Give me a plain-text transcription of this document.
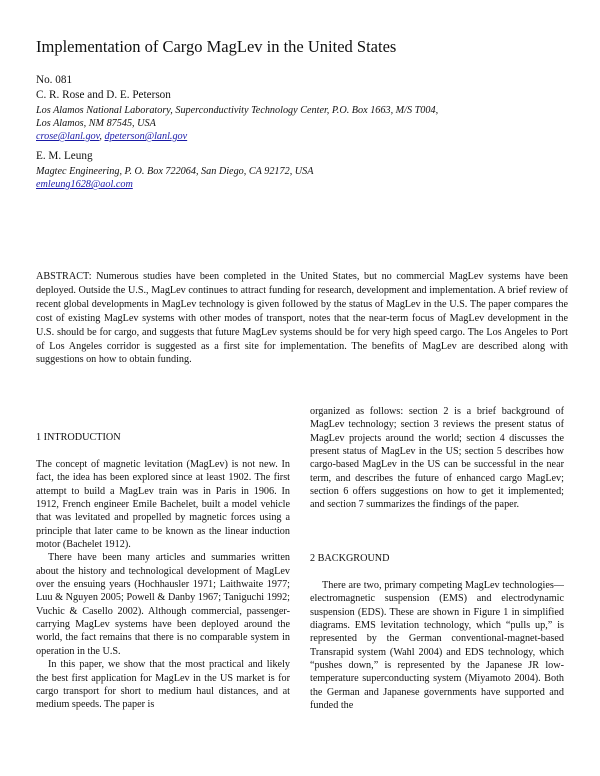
Implementation of Cargo MagLev in the United States
No. 081
C. R. Rose and D. E. Peterson
Los Alamos National Laboratory, Superconductivity Technology Center, P.O. Box 1663, M/S T004,
Los Alamos, NM 87545, USA
crose@lanl.gov, dpeterson@lanl.gov
E. M. Leung
Magtec Engineering, P. O. Box 722064, San Diego, CA 92172, USA
emleung1628@aol.com
ABSTRACT: Numerous studies have been completed in the United States, but no commercial MagLev systems have been deployed. Outside the U.S., MagLev continues to attract funding for research, development and implementation. A brief review of recent global developments in MagLev technology is given followed by the status of MagLev in the U.S. The paper compares the cost of existing MagLev systems with other modes of transport, notes that the near-term focus of MagLev development in the U.S. should be for cargo, and suggests that future MagLev systems should be for very high speed cargo. The Los Angeles to Port of Los Angeles corridor is suggested as a first site for implementation. The benefits of MagLev are described along with suggestions on how to obtain funding.
1 INTRODUCTION

The concept of magnetic levitation (MagLev) is not new. In fact, the idea has been explored since at least 1902. The first attempt to build a MagLev train was in Paris in 1906. In 1912, French engineer Emile Bachelet, built a model vehicle that was levitated and propelled by magnetic forces using a principle that later came to be known as the linear induction motor (Bachelet 1912).

There have been many articles and summaries written about the history and technological development of MagLev over the ensuing years (Hochhausler 1971; Laithwaite 1977; Luu & Nguyen 2005; Powell & Danby 1967; Taniguchi 1992; Vuchic & Casello 2002). Although commercial, passenger-carrying MagLev systems have been deployed around the world, the fact remains that there is no comparable system in operation in the U.S.

In this paper, we show that the most practical and likely the best first application for MagLev in the US market is for cargo transport for short to medium haul distances, and at medium speeds. The paper is

organized as follows: section 2 is a brief background of MagLev technology; section 3 reviews the present status of MagLev projects around the world; section 4 discusses the present status of MagLev in the US; section 5 describes how cargo-based MagLev in the US can be successful in the near term, and describes the future of enhanced cargo MagLev; section 6 offers suggestions on how to get it implemented; and section 7 summarizes the findings of the paper.

2 BACKGROUND

There are two, primary competing MagLev technologies—electromagnetic suspension (EMS) and electrodynamic suspension (EDS). These are shown in Figure 1 in simplified diagrams. EMS levitation technology, which “pulls up,” is represented by the German conventional-magnet-based Transrapid system (Wahl 2004) and EDS technology, which “pushes down,” is represented by the Japanese JR low-temperature superconducting system (Miyamoto 2004). Both the German and Japanese governments have supported and funded the
